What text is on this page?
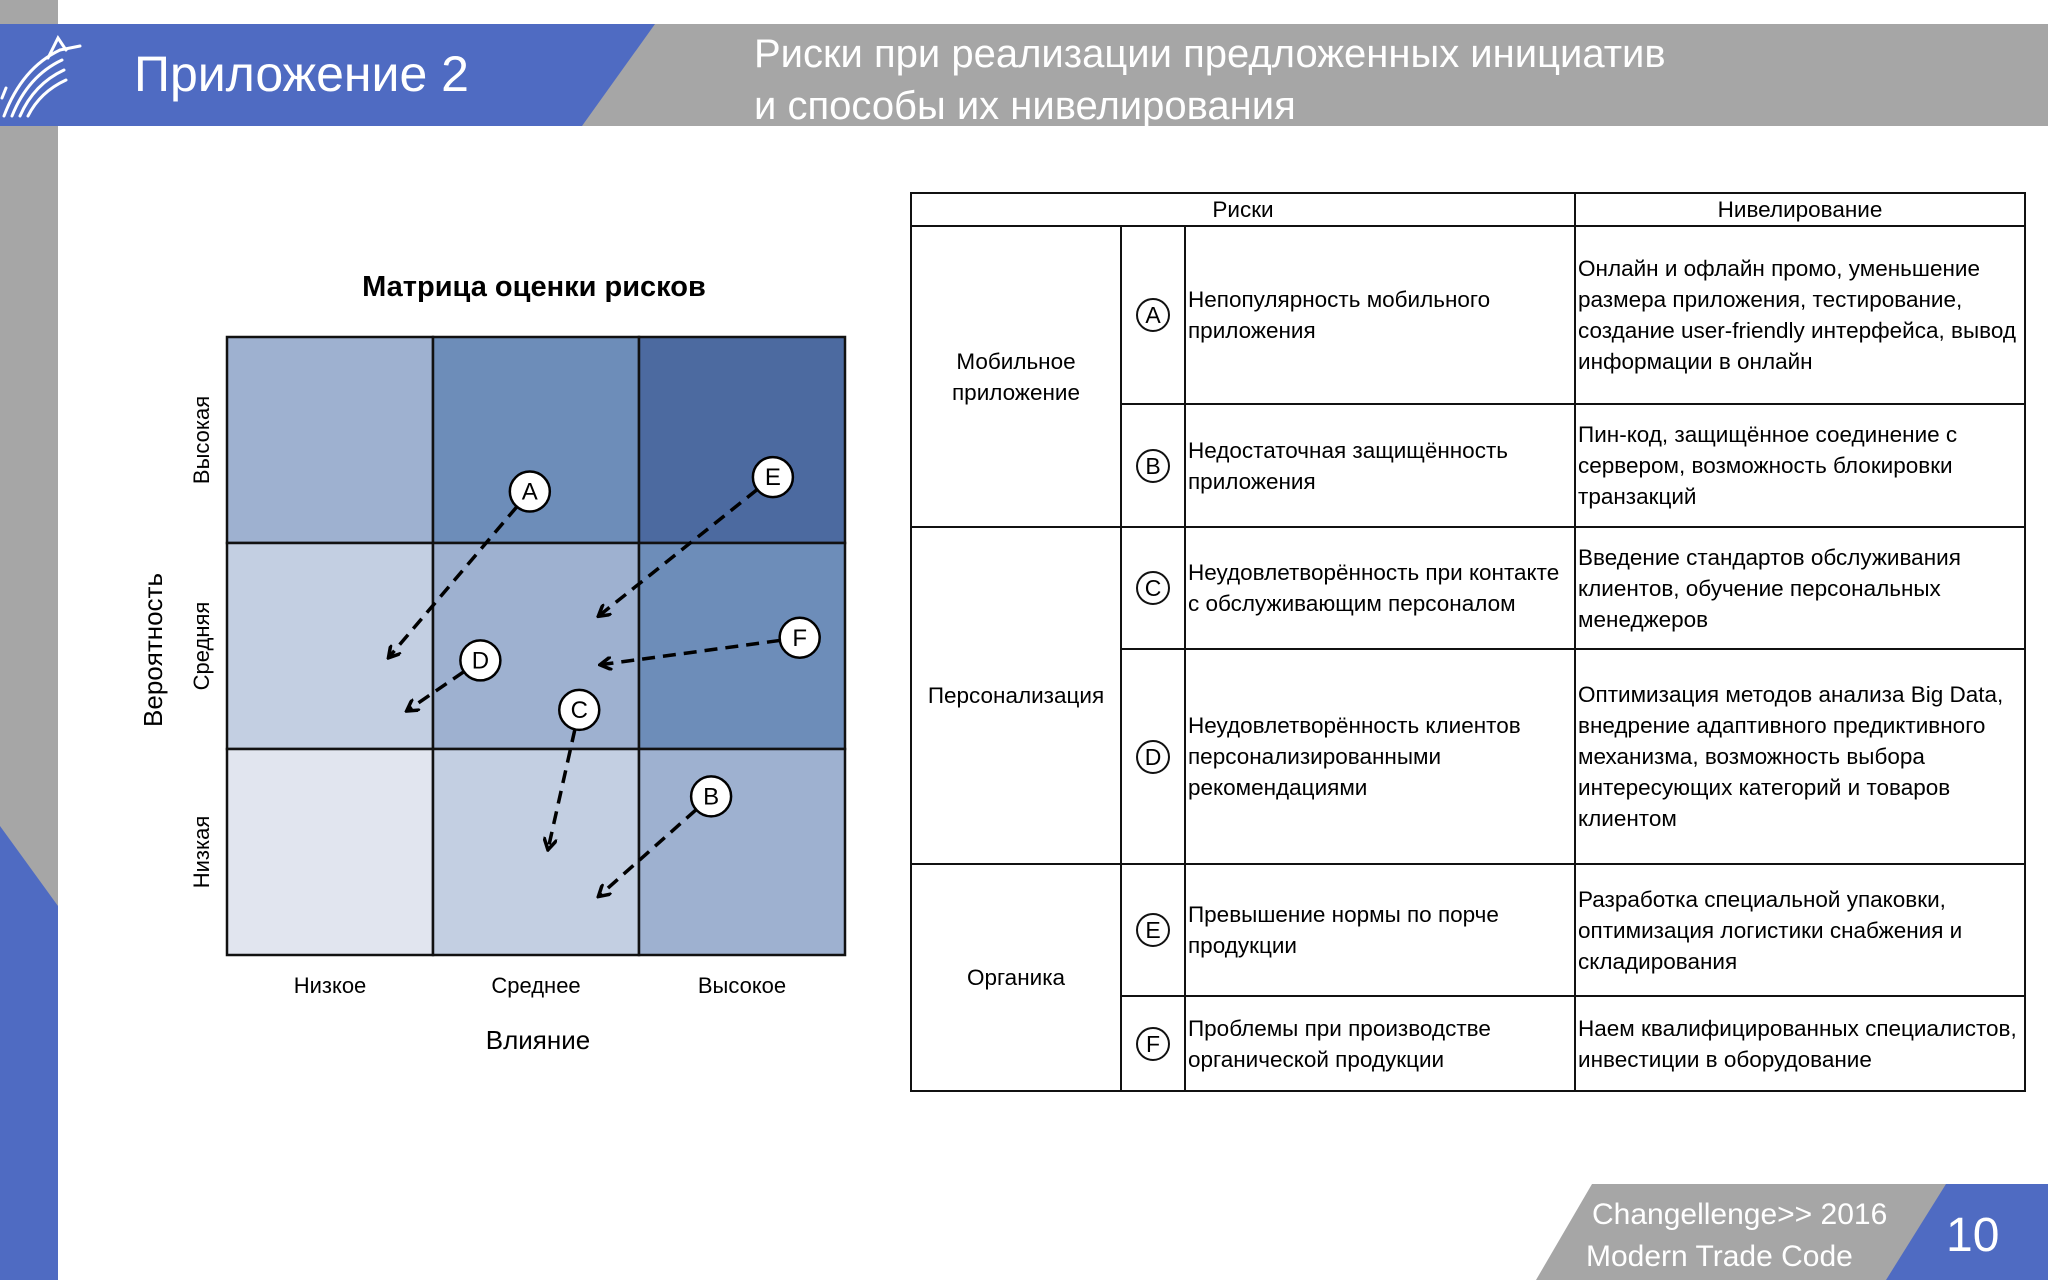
Приложение 2	Риски при реализации предложенных инициатив
и способы их нивелирования
Матрица оценки рисков
A
B
C
D
E
F
Низкое	Среднее	Высокое
Высокая
Средняя
Низкая
Влияние
Вероятность
Риски			Нивелирование
Мобильное приложение	A	Непопулярность мобильного приложения	Онлайн и офлайн промо, уменьшение размера приложения, тестирование, создание user-friendly интерфейса, вывод информации в онлайн
	B	Недостаточная защищённость приложения	Пин-код, защищённое соединение с сервером, возможность блокировки транзакций
Персонализация	C	Неудовлетворённость при контакте с обслуживающим персоналом	Введение стандартов обслуживания клиентов, обучение персональных менеджеров
	D	Неудовлетворённость клиентов персонализированными рекомендациями	Оптимизация методов анализа Big Data, внедрение адаптивного предиктивного механизма, возможность выбора интересующих категорий и товаров клиентом
Органика	E	Превышение нормы по порче продукции	Разработка специальной упаковки, оптимизация логистики снабжения и складирования
	F	Проблемы при производстве органической продукции	Наем квалифицированных специалистов, инвестиции в оборудование
Changellenge>> 2016
Modern Trade Code 10
